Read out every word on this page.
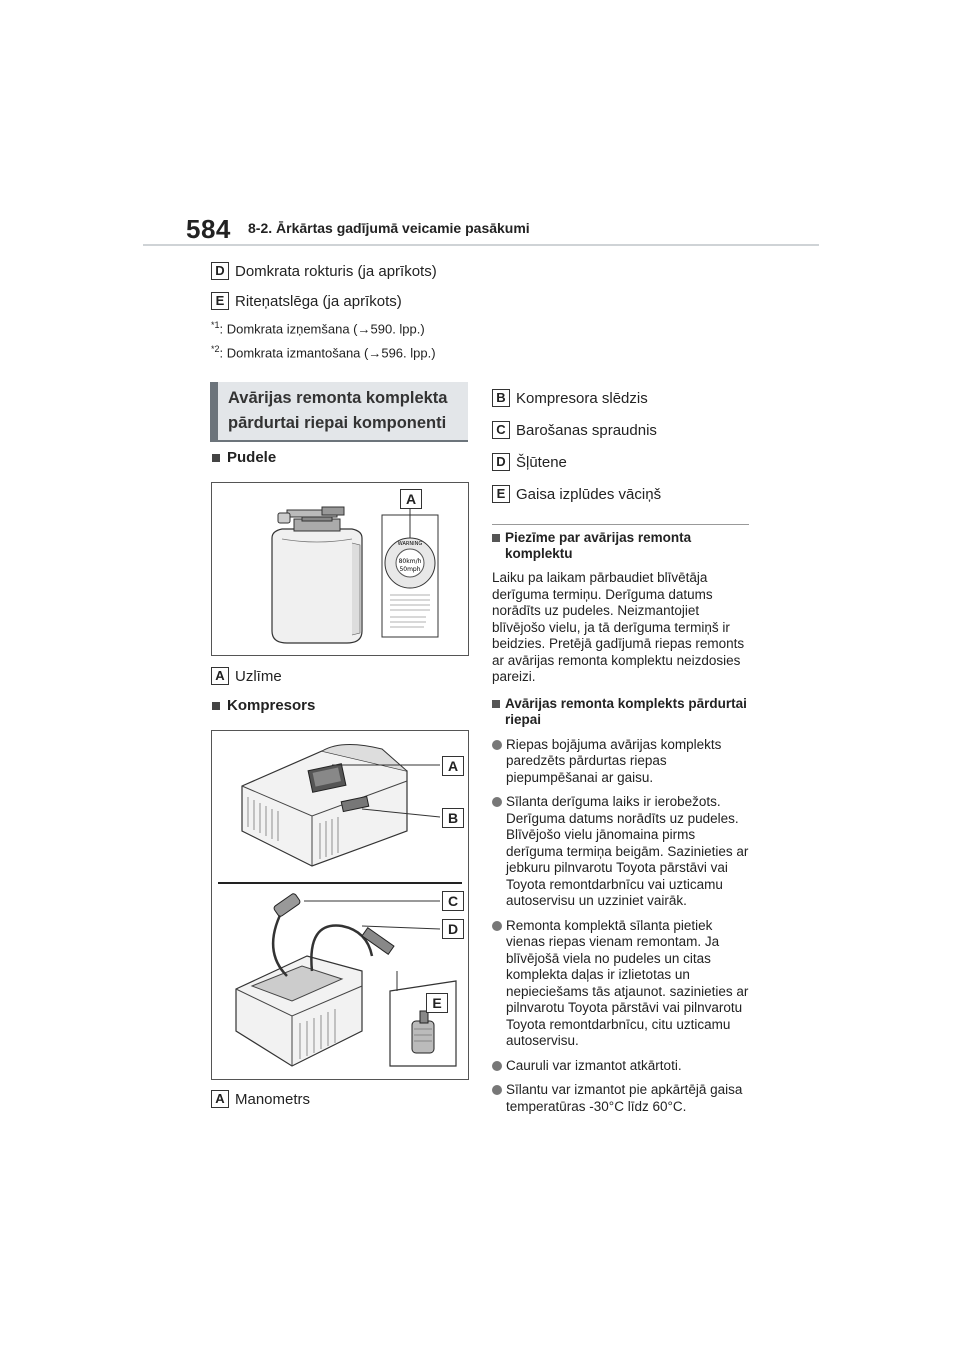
584 8-2. Ārkārtas gadījumā veicamie pasākumi
D Domkrata rokturis (ja aprīkots)
E Riteņatslēga (ja aprīkots)
$^{*1}$: Domkrata izņemšana (→590. lpp.)
$^{*2}$: Domkrata izmantošana (→596. lpp.)
Avārijas remonta komplekta
pārdurtai riepai komponenti
Pudele
WARNING
80km/h
50mph
A
A Uzlīme
Kompresors
A
B
C
D
E
A Manometrs
B Kompresora slēdzis
C Barošanas spraudnis
D Šļūtene
E Gaisa izplūdes vāciņš
Piezīme par avārijas remonta komplektu
Laiku pa laikam pārbaudiet blīvētāja derīguma termiņu. Derīguma datums norādīts uz pudeles. Neizmantojiet blīvējošo vielu, ja tā derīguma termiņš ir beidzies. Pretējā gadījumā riepas remonts ar avārijas remonta komplektu neizdosies pareizi.
Avārijas remonta komplekts pārdurtai riepai
Riepas bojājuma avārijas komplekts paredzēts pārdurtas riepas piepumpēšanai ar gaisu.
Sīlanta derīguma laiks ir ierobežots. Derīguma datums norādīts uz pudeles. Blīvējošo vielu jānomaina pirms derīguma termiņa beigām. Sazinieties ar jebkuru pilnvarotu Toyota pārstāvi vai Toyota remontdarbnīcu vai uzticamu autoservisu un uzziniet vairāk.
Remonta komplektā sīlanta pietiek vienas riepas vienam remontam. Ja blīvējošā viela no pudeles un citas komplekta daļas ir izlietotas un nepieciešams tās atjaunot. sazinieties ar pilnvarotu Toyota pārstāvi vai pilnvarotu Toyota remontdarbnīcu, citu uzticamu autoservisu.
Cauruli var izmantot atkārtoti.
Sīlantu var izmantot pie apkārtējā gaisa temperatūras -30°C līdz 60°C.
